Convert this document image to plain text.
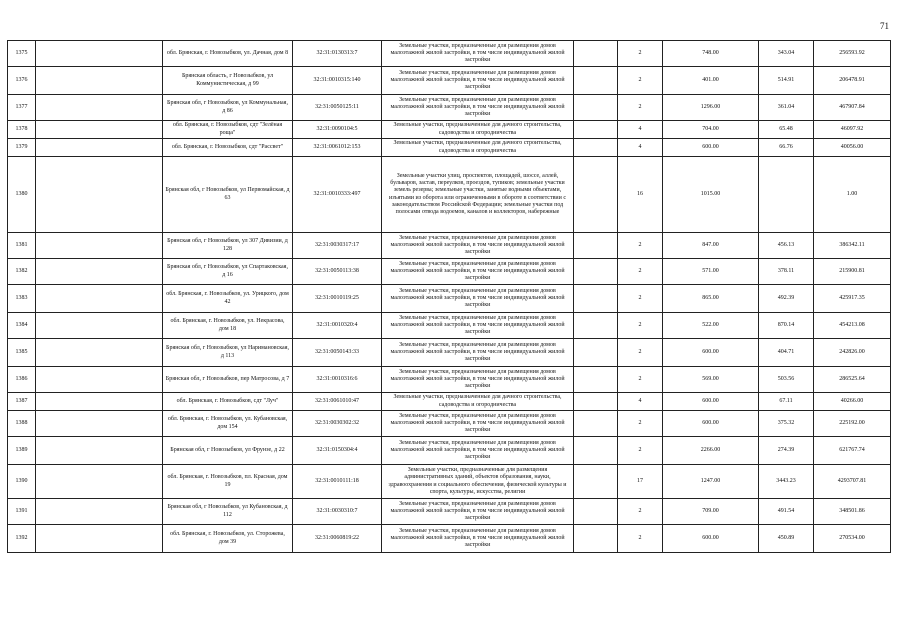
71
1375		обл. Брянская, г. Новозыбков, ул. Дачная, дом 8	32:31:0130313:7	Земельные участки, предназначенные для размещения домов малоэтажной жилой застройки, в том числе индивидуальной жилой застройки		2	748.00	343.04	256593.92
1376		Брянская область, г Новозыбков, ул Коммунистическая, д 99	32:31:0010315:140	Земельные участки, предназначенные для размещения домов малоэтажной жилой застройки, в том числе индивидуальной жилой застройки		2	401.00	514.91	206478.91
1377		Брянская обл, г Новозыбков, ул Коммунальная, д 86	32:31:0050125:11	Земельные участки, предназначенные для размещения домов малоэтажной жилой застройки, в том числе индивидуальной жилой застройки		2	1296.00	361.04	467907.84
1378		обл. Брянская, г. Новозыбков, сдт "Зелёная роща"	32:31:0090104:5	Земельные участки, предназначенные для дачного строительства, садоводства и огородничества		4	704.00	65.48	46097.92
1379		обл. Брянская, г. Новозыбков, сдт "Рассвет"	32:31:0061012:153	Земельные участки, предназначенные для дачного строительства, садоводства и огородничества		4	600.00	66.76	40056.00
1380		Брянская обл, г Новозыбков, ул Первомайская, д 63	32:31:0010333:497	Земельные участки улиц, проспектов, площадей, шоссе, аллей, бульваров, застав, переулков, проездов, тупиков; земельные участки земель резерва; земельные участки, занятые водными объектами, изъятыми из оборота или ограниченными в обороте в соответствии с законодательством Российской Федерации; земельные участки под полосами отвода водоемов, каналов и коллекторов, набережные		16	1015.00		1.00
1381		Брянская обл, г Новозыбков, ул 307 Дивизии, д 128	32:31:0030317:17	Земельные участки, предназначенные для размещения домов малоэтажной жилой застройки, в том числе индивидуальной жилой застройки		2	847.00	456.13	386342.11
1382		Брянская обл, г Новозыбков, ул Спартаковская, д 16	32:31:0050113:38	Земельные участки, предназначенные для размещения домов малоэтажной жилой застройки, в том числе индивидуальной жилой застройки		2	571.00	378.11	215900.81
1383		обл. Брянская, г. Новозыбков, ул. Урицкого, дом 42	32:31:0010119:25	Земельные участки, предназначенные для размещения домов малоэтажной жилой застройки, в том числе индивидуальной жилой застройки		2	865.00	492.39	425917.35
1384		обл. Брянская, г. Новозыбков, ул. Некрасова, дом 18	32:31:0010320:4	Земельные участки, предназначенные для размещения домов малоэтажной жилой застройки, в том числе индивидуальной жилой застройки		2	522.00	870.14	454213.08
1385		Брянская обл, г Новозыбков, ул Наримановская, д 113	32:31:0050143:33	Земельные участки, предназначенные для размещения домов малоэтажной жилой застройки, в том числе индивидуальной жилой застройки		2	600.00	404.71	242826.00
1386		Брянская обл, г Новозыбков, пер Матросова, д 7	32:31:0010316:6	Земельные участки, предназначенные для размещения домов малоэтажной жилой застройки, в том числе индивидуальной жилой застройки		2	569.00	503.56	286525.64
1387		обл. Брянская, г. Новозыбков, сдт "Луч"	32:31:0061010:47	Земельные участки, предназначенные для дачного строительства, садоводства и огородничества		4	600.00	67.11	40266.00
1388		обл. Брянская, г. Новозыбков, ул. Кубановская, дом 154	32:31:0030302:32	Земельные участки, предназначенные для размещения домов малоэтажной жилой застройки, в том числе индивидуальной жилой застройки		2	600.00	375.32	225192.00
1389		Брянская обл, г Новозыбков, ул Фрунзе, д 22	32:31:0150304:4	Земельные участки, предназначенные для размещения домов малоэтажной жилой застройки, в том числе индивидуальной жилой застройки		2	2266.00	274.39	621767.74
1390		обл. Брянская, г. Новозыбков, пл. Красная, дом 19	32:31:0010111:18	Земельные участки, предназначенные для размещения административных зданий, объектов образования, науки, здравоохранения и социального обеспечения, физической культуры и спорта, культуры, искусства, религии		17	1247.00	3443.23	4293707.81
1391		Брянская обл, г Новозыбков, ул Кубановская, д 112	32:31:0030310:7	Земельные участки, предназначенные для размещения домов малоэтажной жилой застройки, в том числе индивидуальной жилой застройки		2	709.00	491.54	348501.86
1392		обл. Брянская, г. Новозыбков, ул. Сторожева, дом 39	32:31:0060819:22	Земельные участки, предназначенные для размещения домов малоэтажной жилой застройки, в том числе индивидуальной жилой застройки		2	600.00	450.89	270534.00
